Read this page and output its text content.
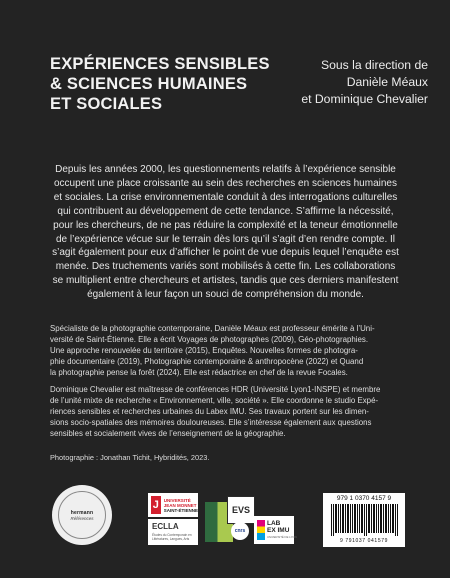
EXPÉRIENCES SENSIBLES
& SCIENCES HUMAINES
ET SOCIALES
Sous la direction de
Danièle Méaux
et Dominique Chevalier
Depuis les années 2000, les questionnements relatifs à l’expérience sensible
occupent une place croissante au sein des recherches en sciences humaines
et sociales. La crise environnementale conduit à des interrogations culturelles
qui contribuent au développement de cette tendance. S’affirme la nécessité,
pour les chercheurs, de ne pas réduire la complexité et la teneur émotionnelle
de l’expérience vécue sur le terrain dès lors qu’il s’agit d’en rendre compte. Il
s’agit également pour eux d’afficher le point de vue depuis lequel l’enquête est
menée. Des truchements variés sont mobilisés à cette fin. Les collaborations
se multiplient entre chercheurs et artistes, tandis que ces derniers manifestent
également à leur façon un souci de compréhension du monde.
Spécialiste de la photographie contemporaine, Danièle Méaux est professeur émérite à l’Uni-
versité de Saint-Étienne. Elle a écrit Voyages de photographes (2009), Géo-photographies.
Une approche renouvelée du territoire (2015), Enquêtes. Nouvelles formes de photogra-
phie documentaire (2019), Photographie contemporaine & anthropocène (2022) et Quand
la photographie pense la forêt (2024). Elle est rédactrice en chef de la revue Focales.
Dominique Chevalier est maîtresse de conférences HDR (Université Lyon1-INSPE) et membre
de l’unité mixte de recherche « Environnement, ville, société ». Elle coordonne le studio Expé-
riences sensibles et recherches urbaines du Labex IMU. Ses travaux portent sur les dimen-
sions socio-spatiales des mémoires douloureuses. Elle s’intéresse également aux questions
sensibles et socialement vives de l’enseignement de la géographie.
Photographie : Jonathan Tichit, Hybridités, 2023.
hermann
Références
J	UNIVERSITÉ
JEAN MONNET
SAINT-ÉTIENNE
ECLLA
Études du Contemporain en Littératures, Langues, Arts
EVS
cnrs
LAB
EX IMU
UNIVERSITÉ DE LYON
979 1 0370 4157 9
9 791037 041579
